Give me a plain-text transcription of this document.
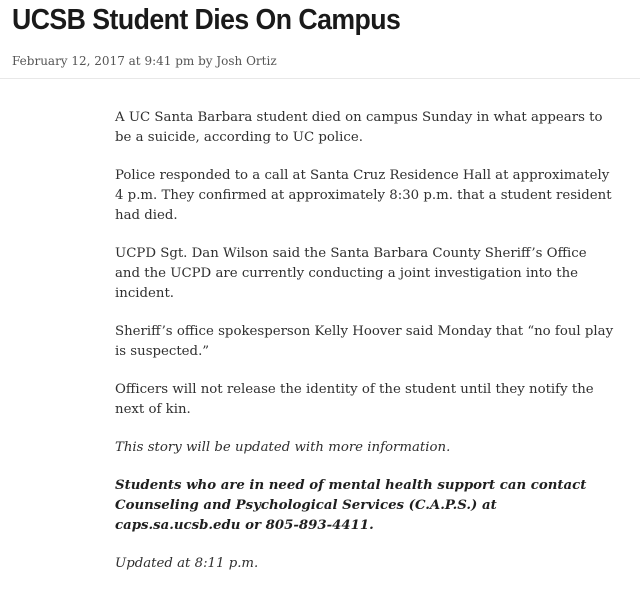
UCSB Student Dies On Campus
February 12, 2017 at 9:41 pm by Josh Ortiz

A UC Santa Barbara student died on campus Sunday in what appears to be a suicide, according to UC police.

Police responded to a call at Santa Cruz Residence Hall at approximately 4 p.m. They confirmed at approximately 8:30 p.m. that a student resident had died.

UCPD Sgt. Dan Wilson said the Santa Barbara County Sheriff’s Office and the UCPD are currently conducting a joint investigation into the incident.

Sheriff’s office spokesperson Kelly Hoover said Monday that “no foul play is suspected.”

Officers will not release the identity of the student until they notify the next of kin.

This story will be updated with more information.

Students who are in need of mental health support can contact Counseling and Psychological Services (C.A.P.S.) at caps.sa.ucsb.edu or 805-893-4411.

Updated at 8:11 p.m.
